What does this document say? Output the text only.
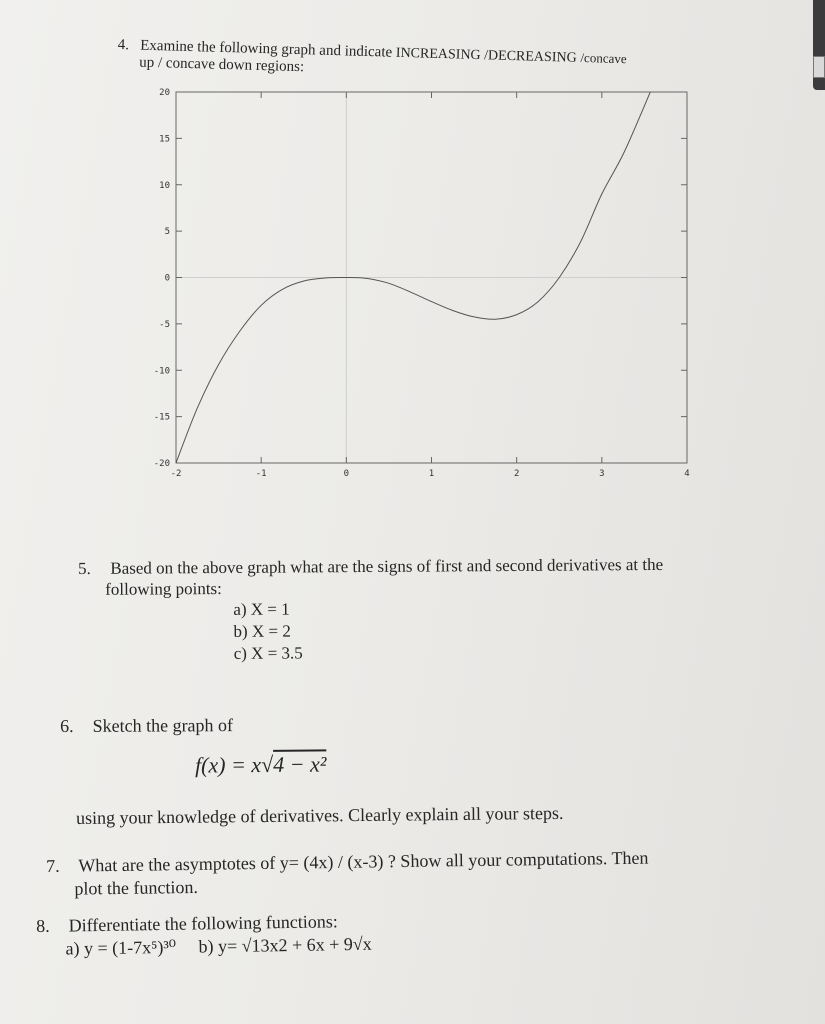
4. Examine the following graph and indicate INCREASING /DECREASING /concave
up / concave down regions:
20
15
10
5
0
-5
-10
-15
-20
-2	-1	0	1	2	3	4
5. Based on the above graph what are the signs of first and second derivatives at the
following points:
a) X = 1
b) X = 2
c) X = 3.5
6. Sketch the graph of
f(x) = x√4 − x²
using your knowledge of derivatives. Clearly explain all your steps.
7. What are the asymptotes of y= (4x) / (x-3) ? Show all your computations. Then
plot the function.
8. Differentiate the following functions:
a) y = (1-7x⁵)³⁰ b) y= √13x2 + 6x + 9√x
